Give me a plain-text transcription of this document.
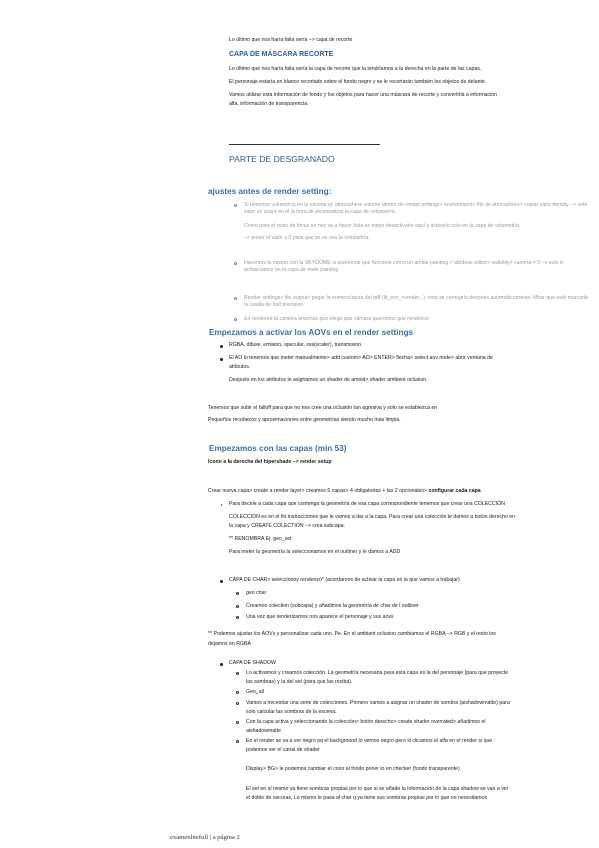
Lo último que nos haría falta sería –> capa de recorte
CAPA DE MÁSCARA RECORTE
Lo último que nos haría falta sería la capa de recorte que la tendríamos a la derecha en la parte de las capas.
El personaje estaría en blanco recortado sobre el fondo negro y se le recortarán también los objetos de delante.
Vamos utilizar esta información de fondo y los objetos para hacer una máscara de recorte y convertirla a información
alfa, información de transparencia.
PARTE DE DESGRANADO
ajustes antes de render setting:
Si tenemos volumetría en la escena ej: atmosphere volume dentro de render settings> environment> file de atmosphere> copiar valor density –> este valor se usará en el la hora de personalizar la capa de volumetría.
Como para el resto de focus no nos va a hacer falta es mejor desactivarlo aquí y activarlo solo en la capa de volumetría
–> poner el valor a 0 para que no se vea la volumetría.
Hacemos lo mismo con la SKYDOME si queremos que funcione como un ambie painting > attribute editor> visibility> camera = 0 –> solo lo activaríamos en la capa de male painting
Render settings> file output> pegar la nomenclatura del pdf (lit_scn_<render...), esto se corregiría después automáticamente. Mirar que esté marcada la casilla de half precision
En rendered la cámera tenemos que elegir que cámara queremos que renderice
Empezamos a activar los AOVs en el render settings
RGBA, difuse, emision, specular, sss(scater), transmision
El AO lo tenemos que meter manualmente> add custom> AO> ENTER> flecha> select aov node> abrir ventana de
atributos.
Después en los atributos le asignamos un shader de amoid> shader ambient oclusion.
Tenemos que subir el falloff para que no nos cree una oclusión tan agresiva y solo se establezca en
Pequeños recobecos y aproximaciones entre geometrías siendo mucho más limpia.
Empezamos con las capas (min 53)
Icono a la derecha del hipershade –> render setup
Crear nueva capa> create a render layer> creamos 6 capas> 4 obligatorias + las 2 opcionales> configurar cada capa
Para decirle a cada capa que contenga la geometría de esa capa correspondiente tenemos que crear una COLECCIÓN
COLECCIÓN es en el fin instrucciones que le vamos a dar a la capa. Para crear una colección le damos a botón derecho en
la capa y CREATE COLECTION –> crea subcapa.
** RENOMBRA Ej: geo_set
Para meter la geometría la seleccionamos en el outliner y le damos a ADD
CAPA DE CHAR> seleccionoy renderizo* (acordarnos de activar la capa en la que vamos a trabajar)
geo char
Creamos colection (subcapa) y añadimos la geometría de char de l outliner
Una vez que renderizamos nos aparece el personaje y sus aovs
** Podemos ajustar los AOVs y personalizar cada uno. Pe. En el ambient oclusion cambiamos el RGBA –> RGB y el resto los
dejamos en RGBA
CAPA DE SHADOW
Lo activamos y creamos colección. La geometría necesaria para esta capa es la del personaje (para que proyecte
las sombras) y la del set (para que las reciba).
Geo_all
Vamos a necesitar una serie de colecciones. Primero vamos a asignar un shader de sombra (aishadowmatte) para
solo calcular las sombras de la escena.
Con la capa activa y seleccionando la colección> botón derecho> create shader overrated> añadimos el
aishadowmatte
En el render se va a ver negro pq el background lo vemos negro pero si clicamos el alfa en el render si que
podemos ver el canal de shader
Display> BG> le podemos cambiar el color al fondo poner lo en checker (fondo transparente)
El set en sí mismo ya tiene sombras propias por lo que si se añade la información de la capa shadow se van a ver
el doble de oscuras, Lo mismo le pasa al char q ya tiene sus sombras propias por lo que no necesitamos
examenlitefull | a página 2
